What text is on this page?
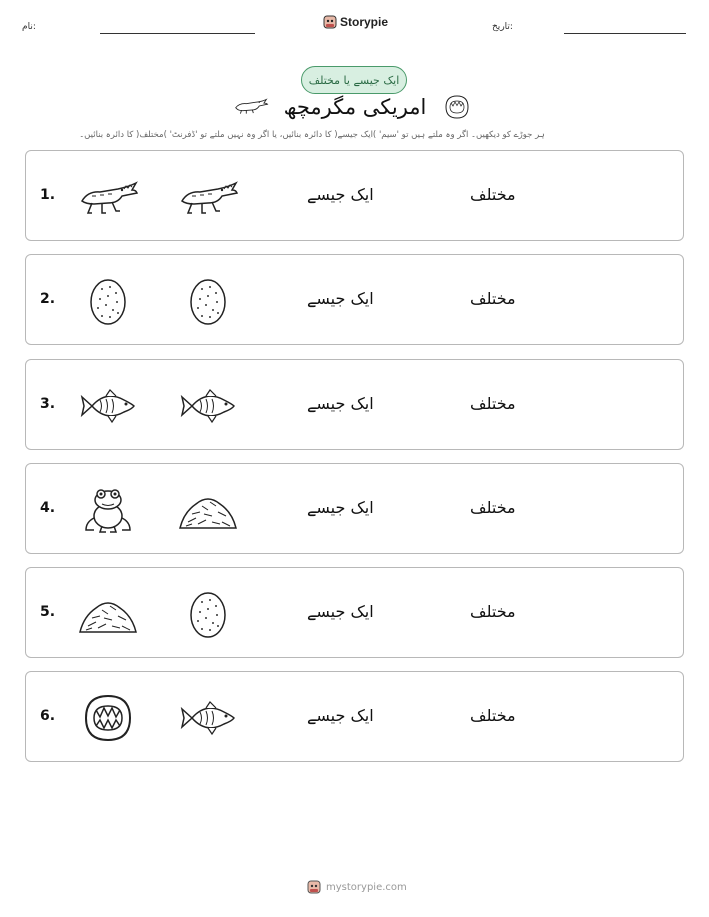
نام:	Storypie	تاریخ:
ایک جیسے یا مختلف
امریکی مگرمچھ
ہر جوڑے کو دیکھیں۔ اگر وہ ملتے ہیں تو 'سیم' )ایک جیسے( کا دائرہ بنائیں، یا اگر وہ نہیں ملتے تو 'ڈفرنٹ' )مختلف( کا دائرہ بنائیں۔
1.	ایک جیسے	مختلف
2.	ایک جیسے	مختلف
3.	ایک جیسے	مختلف
4.	ایک جیسے	مختلف
5.	ایک جیسے	مختلف
6.	ایک جیسے	مختلف
mystorypie.com
